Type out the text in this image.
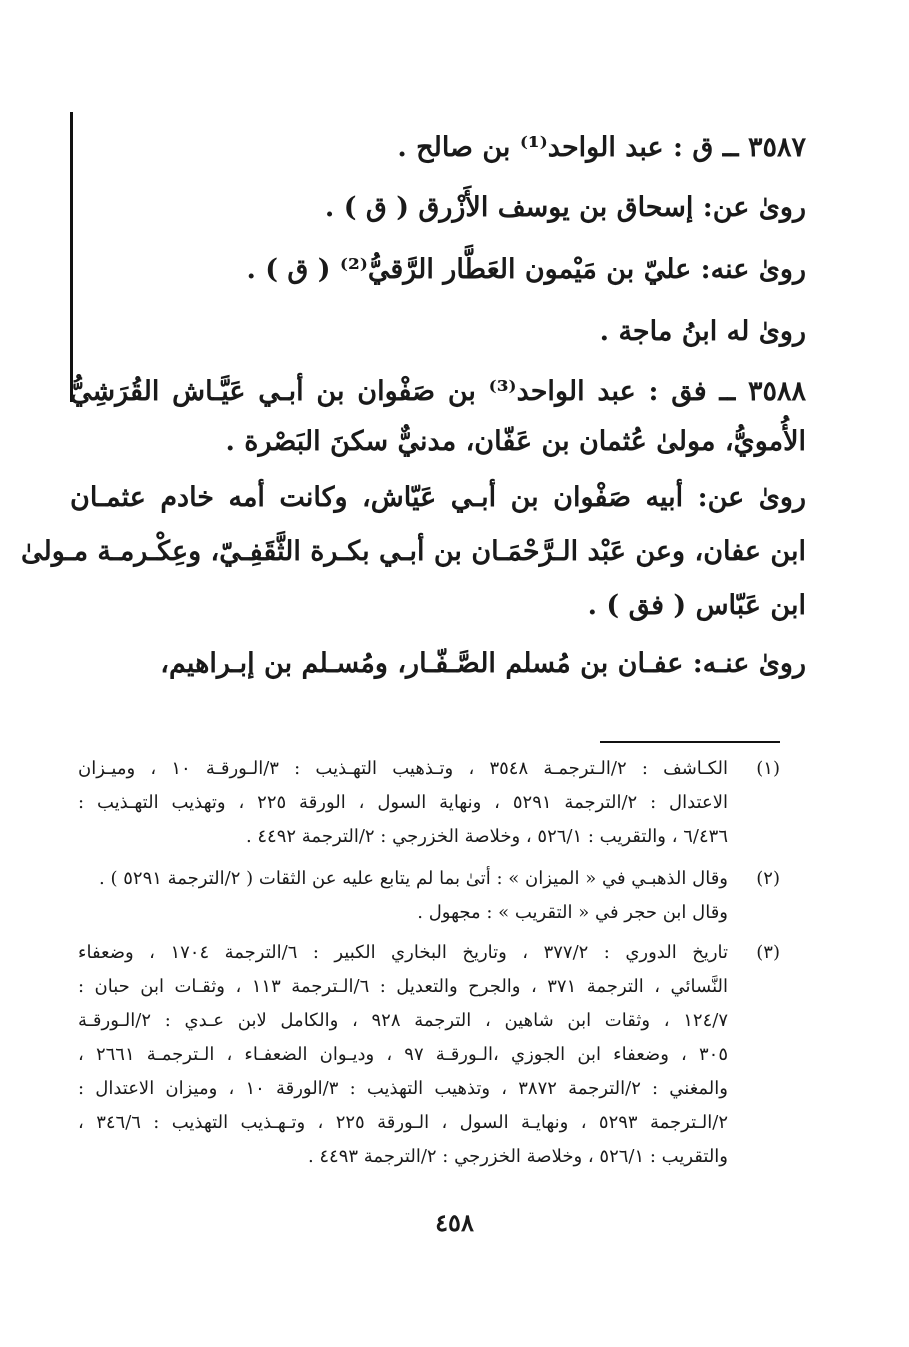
٣٥٨٧ ــ ق : عبد الواحد⁽¹⁾ بن صالح .
روىٰ عن: إسحاق بن يوسف الأَزْرق ( ق ) .
روىٰ عنه: عليّ بن مَيْمون العَطَّار الرَّقيُّ⁽²⁾ ( ق ) .
روىٰ له ابنُ ماجة .
٣٥٨٨ ــ فق : عبد الواحد⁽³⁾ بن صَفْوان بن أبـي عَيَّـاش القُرَشِيُّ
الأُمويُّ، مولىٰ عُثمان بن عَفّان، مدنيٌّ سكنَ البَصْرة .
روىٰ عن: أبيه صَفْوان بن أبـي عَيّاش، وكانت أمه خادم عثمـان
ابن عفان، وعن عَبْد الـرَّحْمَـان بن أبـي بكـرة الثَّقَفِـيّ، وعِكْـرمـة مـولىٰ
ابن عَبّاس ( فق ) .
روىٰ عنـه: عفـان بن مُسلم الصَّـفّـار، ومُسـلم بن إبـراهيم،
(١)
الكـاشف : ٢/الـترجمـة ٣٥٤٨ ، وتـذهيب التهـذيب : ٣/الـورقـة ١٠ ، وميـزان
الاعتدال : ٢/الترجمة ٥٢٩١ ، ونهاية السول ، الورقة ٢٢٥ ، وتهذيب التهـذيب :
٦/٤٣٦ ، والتقريب : ٥٢٦/١ ، وخلاصة الخزرجي : ٢/الترجمة ٤٤٩٢ .
(٢)
وقال الذهبـي في « الميزان » : أتىٰ بما لم يتابع عليه عن الثقات ( ٢/الترجمة ٥٢٩١ ) .
وقال ابن حجر في « التقريب » : مجهول .
(٣)
تاريخ الدوري : ٣٧٧/٢ ، وتاريخ البخاري الكبير : ٦/الترجمة ١٧٠٤ ، وضعفاء
النَّسائي ، الترجمة ٣٧١ ، والجرح والتعديل : ٦/الـترجمة ١١٣ ، وثقـات ابن حبان :
١٢٤/٧ ، وثقات ابن شاهين ، الترجمة ٩٢٨ ، والكامل لابن عـدي : ٢/الـورقـة
٣٠٥ ، وضعفاء ابن الجوزي ،الـورقـة ٩٧ ، وديـوان الضعفـاء ، الـترجمـة ٢٦٦١ ،
والمغني : ٢/الترجمة ٣٨٧٢ ، وتذهيب التهذيب : ٣/الورقة ١٠ ، وميزان الاعتدال :
٢/الـترجمة ٥٢٩٣ ، ونهايـة السول ، الـورقة ٢٢٥ ، وتـهـذيب التهذيب : ٣٤٦/٦ ،
والتقريب : ٥٢٦/١ ، وخلاصة الخزرجي : ٢/الترجمة ٤٤٩٣ .
٤٥٨
